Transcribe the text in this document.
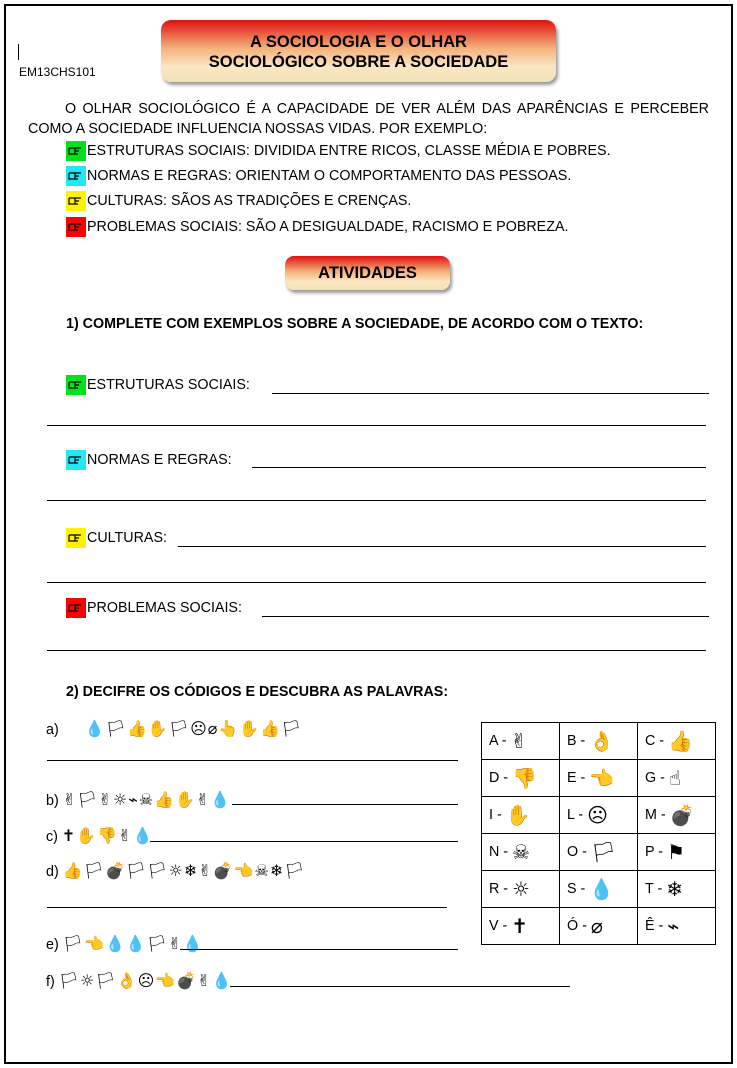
EM13CHS101
A SOCIOLOGIA E O OLHAR
SOCIOLÓGICO SOBRE A SOCIEDADE
O OLHAR SOCIOLÓGICO É A CAPACIDADE DE VER ALÉM DAS APARÊNCIAS E PERCEBER COMO A SOCIEDADE INFLUENCIA NOSSAS VIDAS. POR EXEMPLO:
ESTRUTURAS SOCIAIS: DIVIDIDA ENTRE RICOS, CLASSE MÉDIA E POBRES.
NORMAS E REGRAS: ORIENTAM O COMPORTAMENTO DAS PESSOAS.
CULTURAS: SÃOS AS TRADIÇÕES E CRENÇAS.
PROBLEMAS SOCIAIS: SÃO A DESIGUALDADE, RACISMO E POBREZA.
ATIVIDADES
1) COMPLETE COM EXEMPLOS SOBRE A SOCIEDADE, DE ACORDO COM O TEXTO:
ESTRUTURAS SOCIAIS:
NORMAS E REGRAS:
CULTURAS:
PROBLEMAS SOCIAIS:
2) DECIFRE OS CÓDIGOS E DESCUBRA AS PALAVRAS:
a) 💧🏳👍✋🏳☹⌀👆✋👍🏳
b) ✌🏳✌☼⌁☠👍✋✌💧
c) ✝✋👎✌💧
d) 👍🏳💣🏳🏳☼❄✌💣👈☠❄🏳
e) 🏳👈💧💧🏳✌💧
f) 🏳☼🏳👌☹👈💣✌💧
A - ✌	B - 👌	C - 👍
D - 👎	E - 👈	G - ☝
I - ✋	L - ☹	M - 💣
N - ☠	O - 🏳	P - ⚑
R - ☼	S - 💧	T - ❄
V - ✝	Ó - ⌀	Ê - ⌁
